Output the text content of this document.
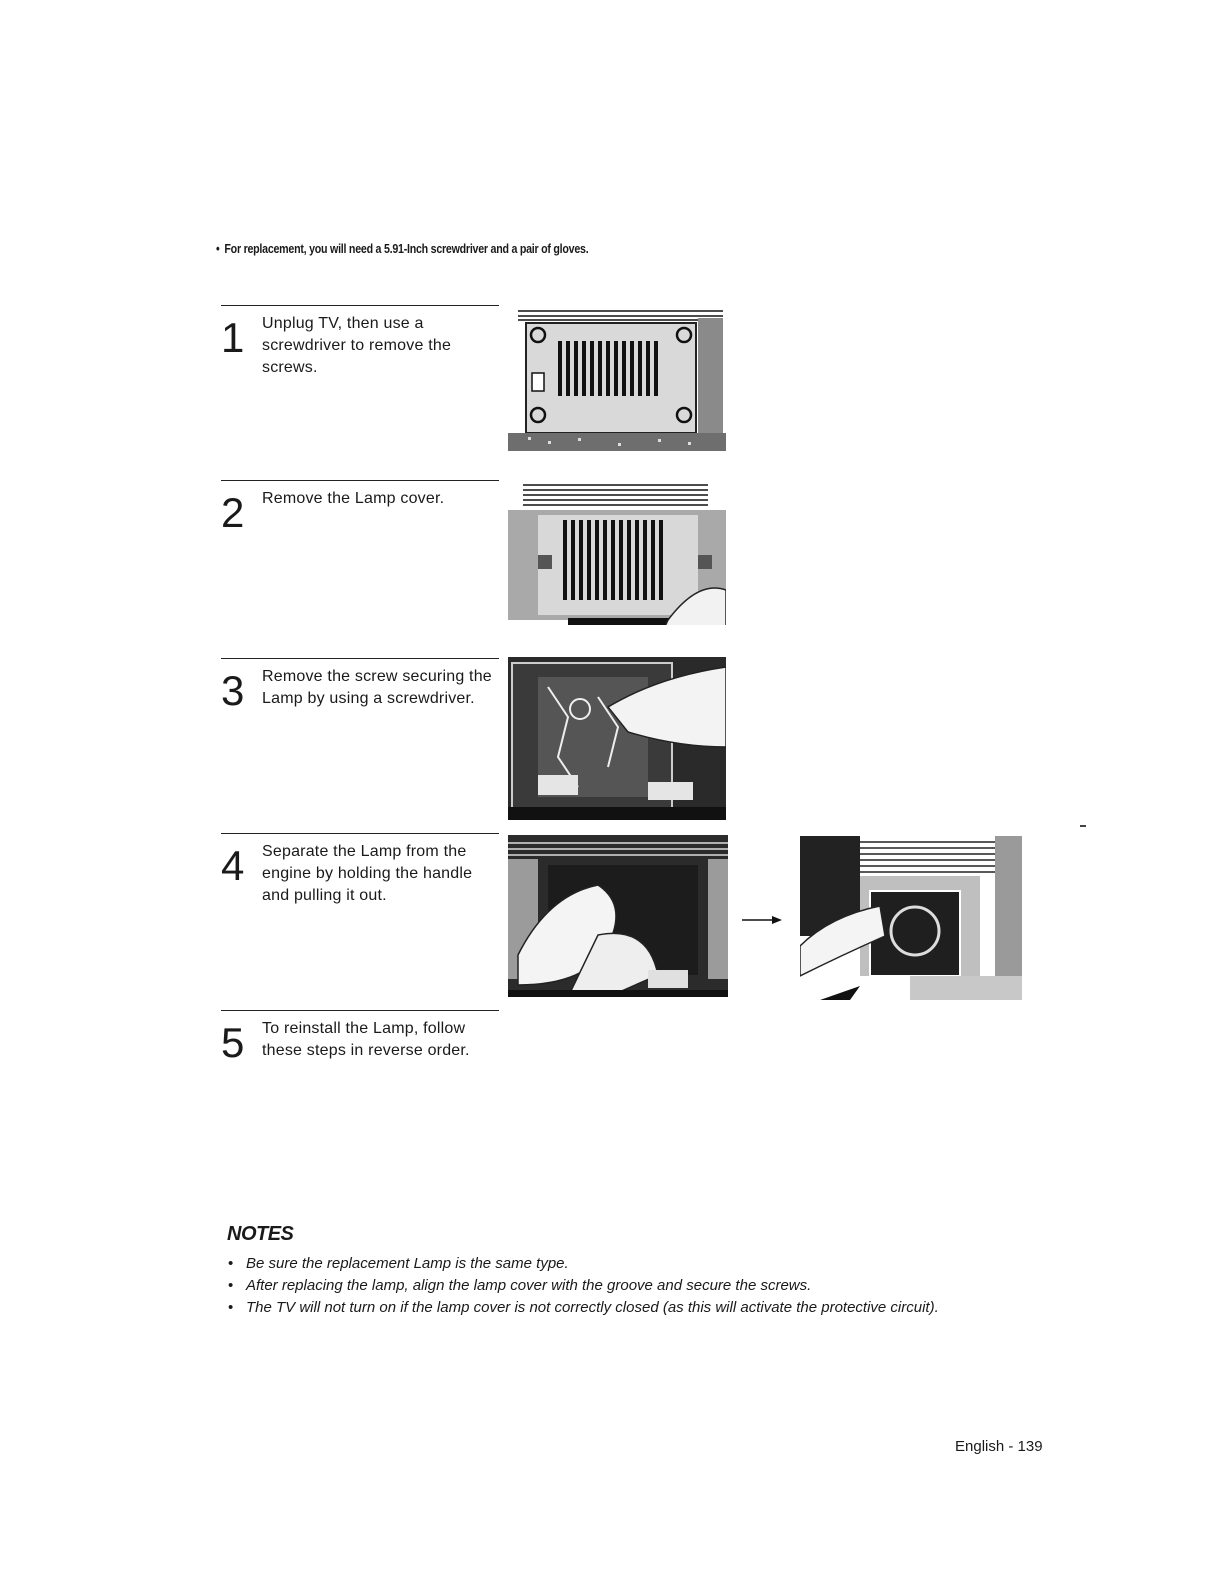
• For replacement, you will need a 5.91-Inch screwdriver and a pair of gloves.
1 Unplug TV, then use a screwdriver to remove the screws.
2 Remove the Lamp cover.
3 Remove the screw securing the Lamp by using a screwdriver.
4 Separate the Lamp from the engine by holding the handle and pulling it out.
5 To reinstall the Lamp, follow these steps in reverse order.
NOTES
• Be sure the replacement Lamp is the same type.
• After replacing the lamp, align the lamp cover with the groove and secure the screws.
• The TV will not turn on if the lamp cover is not correctly closed (as this will activate the protective circuit).
English - 139
